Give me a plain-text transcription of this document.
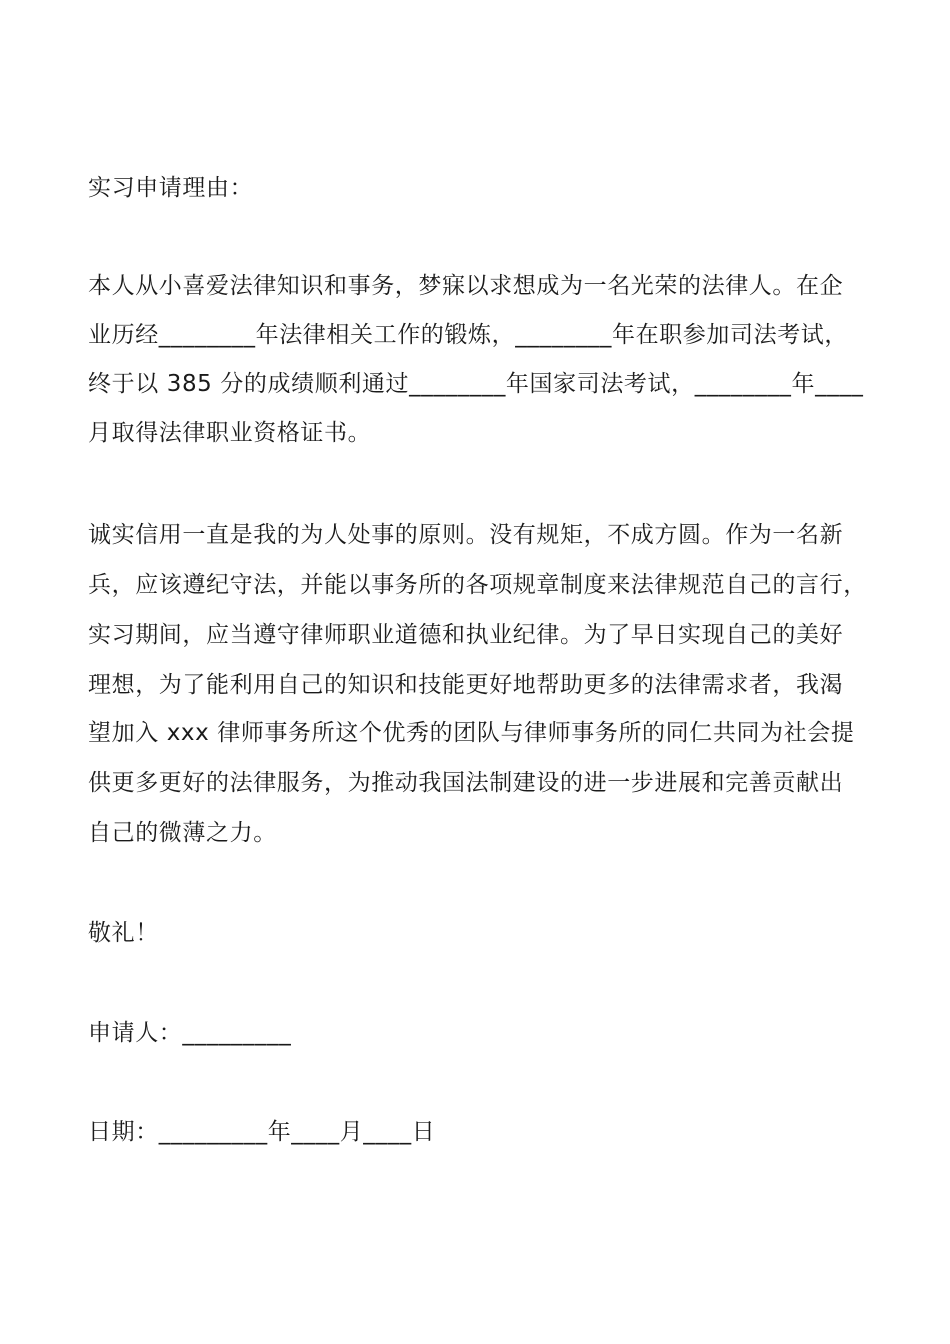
实习申请理由：
本人从小喜爱法律知识和事务，梦寐以求想成为一名光荣的法律人。在企
业历经________年法律相关工作的锻炼，________年在职参加司法考试，
终于以 385 分的成绩顺利通过________年国家司法考试，________年____
月取得法律职业资格证书。
诚实信用一直是我的为人处事的原则。没有规矩，不成方圆。作为一名新
兵，应该遵纪守法，并能以事务所的各项规章制度来法律规范自己的言行，
实习期间，应当遵守律师职业道德和执业纪律。为了早日实现自己的美好
理想，为了能利用自己的知识和技能更好地帮助更多的法律需求者，我渴
望加入 xxx 律师事务所这个优秀的团队与律师事务所的同仁共同为社会提
供更多更好的法律服务，为推动我国法制建设的进一步进展和完善贡献出
自己的微薄之力。
敬礼！
申请人：_________
日期：_________年____月____日
